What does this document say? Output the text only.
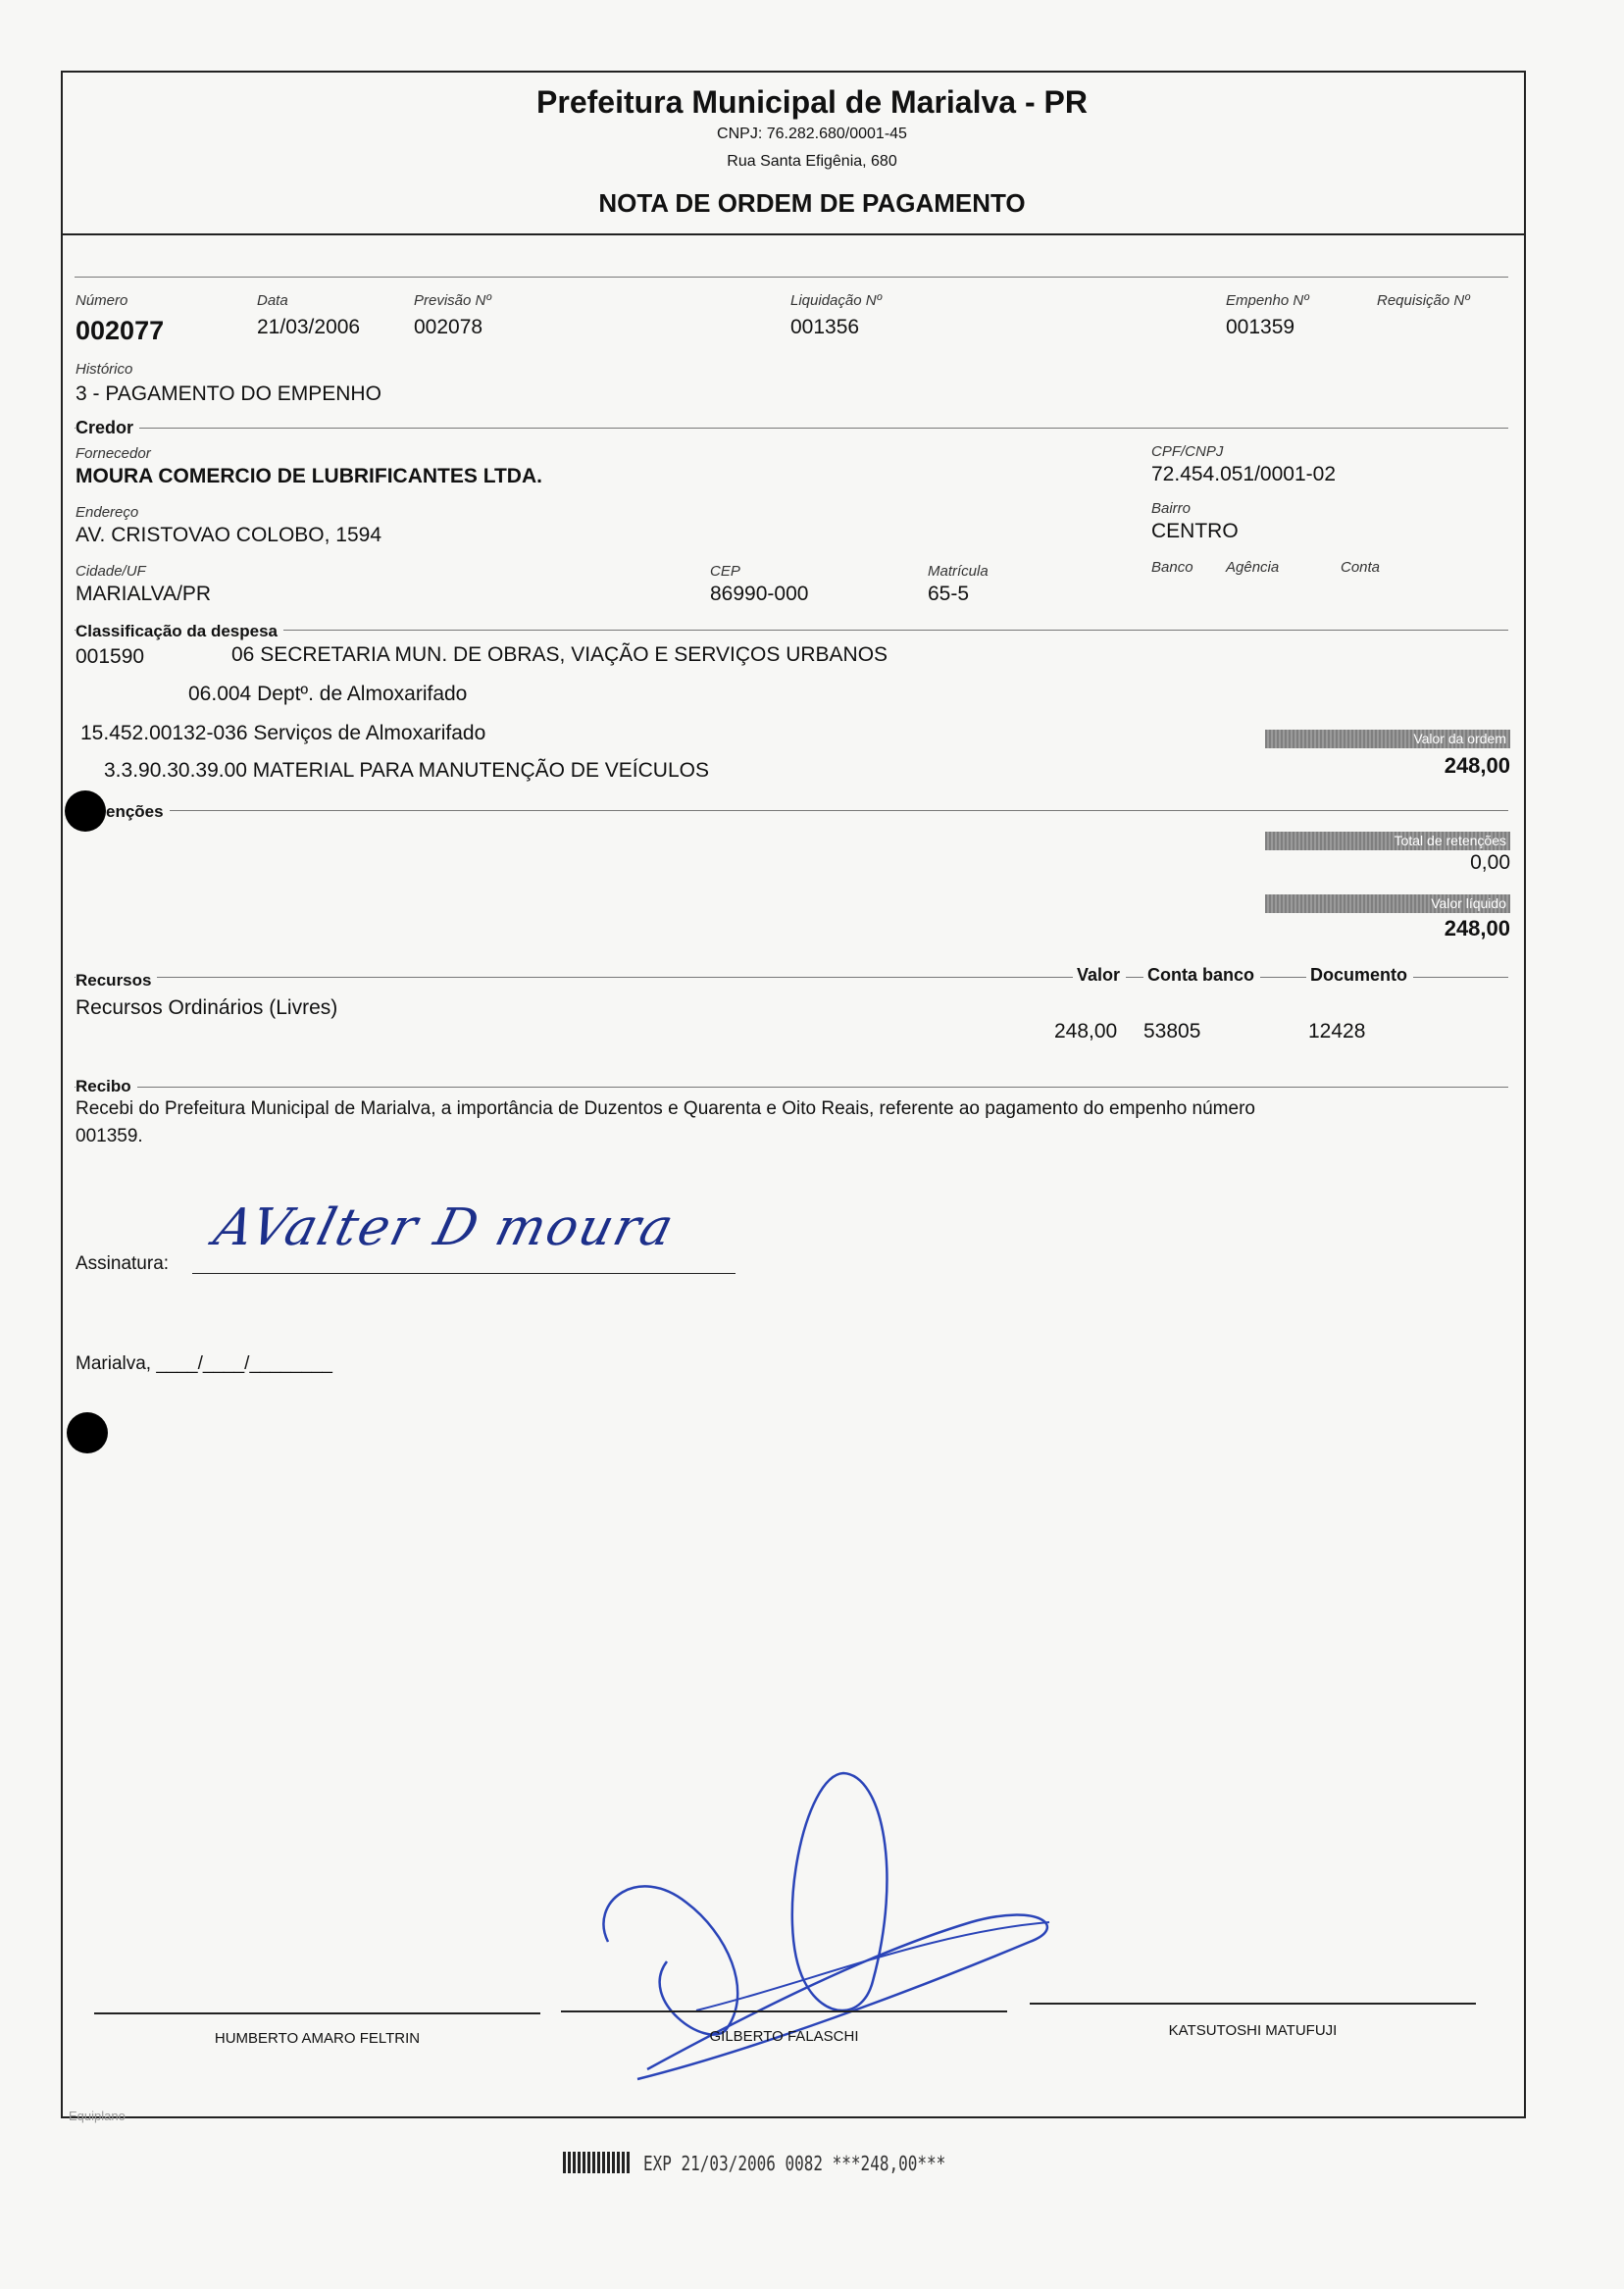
Prefeitura Municipal de Marialva - PR
CNPJ: 76.282.680/0001-45
Rua Santa Efigênia, 680
NOTA DE ORDEM DE PAGAMENTO
Número
002077
Data
21/03/2006
Previsão Nº
002078
Liquidação Nº
001356
Empenho Nº
001359
Requisição Nº
Histórico
3 - PAGAMENTO DO EMPENHO
Credor
Fornecedor
MOURA COMERCIO DE LUBRIFICANTES LTDA.
CPF/CNPJ
72.454.051/0001-02
Endereço
AV. CRISTOVAO COLOBO, 1594
Bairro
CENTRO
Cidade/UF
MARIALVA/PR
CEP
86990-000
Matrícula
65-5
Banco Agência	Conta
Classificação da despesa
001590	06 SECRETARIA MUN. DE OBRAS, VIAÇÃO E SERVIÇOS URBANOS
06.004 Deptº. de Almoxarifado
15.452.00132-036 Serviços de Almoxarifado
3.3.90.30.39.00 MATERIAL PARA MANUTENÇÃO DE VEÍCULOS
Valor da ordem
248,00
enções
Total de retenções
0,00
Valor líquido
248,00
Recursos	Valor	Conta banco	Documento
Recursos Ordinários (Livres)
248,00 53805	12428
Recibo
Recebi do Prefeitura Municipal de Marialva, a importância de Duzentos e Quarenta e Oito Reais, referente ao pagamento do empenho número
001359.
Assinatura:
AValter D moura
Marialva, ____/____/________
HUMBERTO AMARO FELTRIN	GILBERTO FALASCHI	KATSUTOSHI MATUFUJI
Equiplano
EXP 21/03/2006 0082 ***248,00***
